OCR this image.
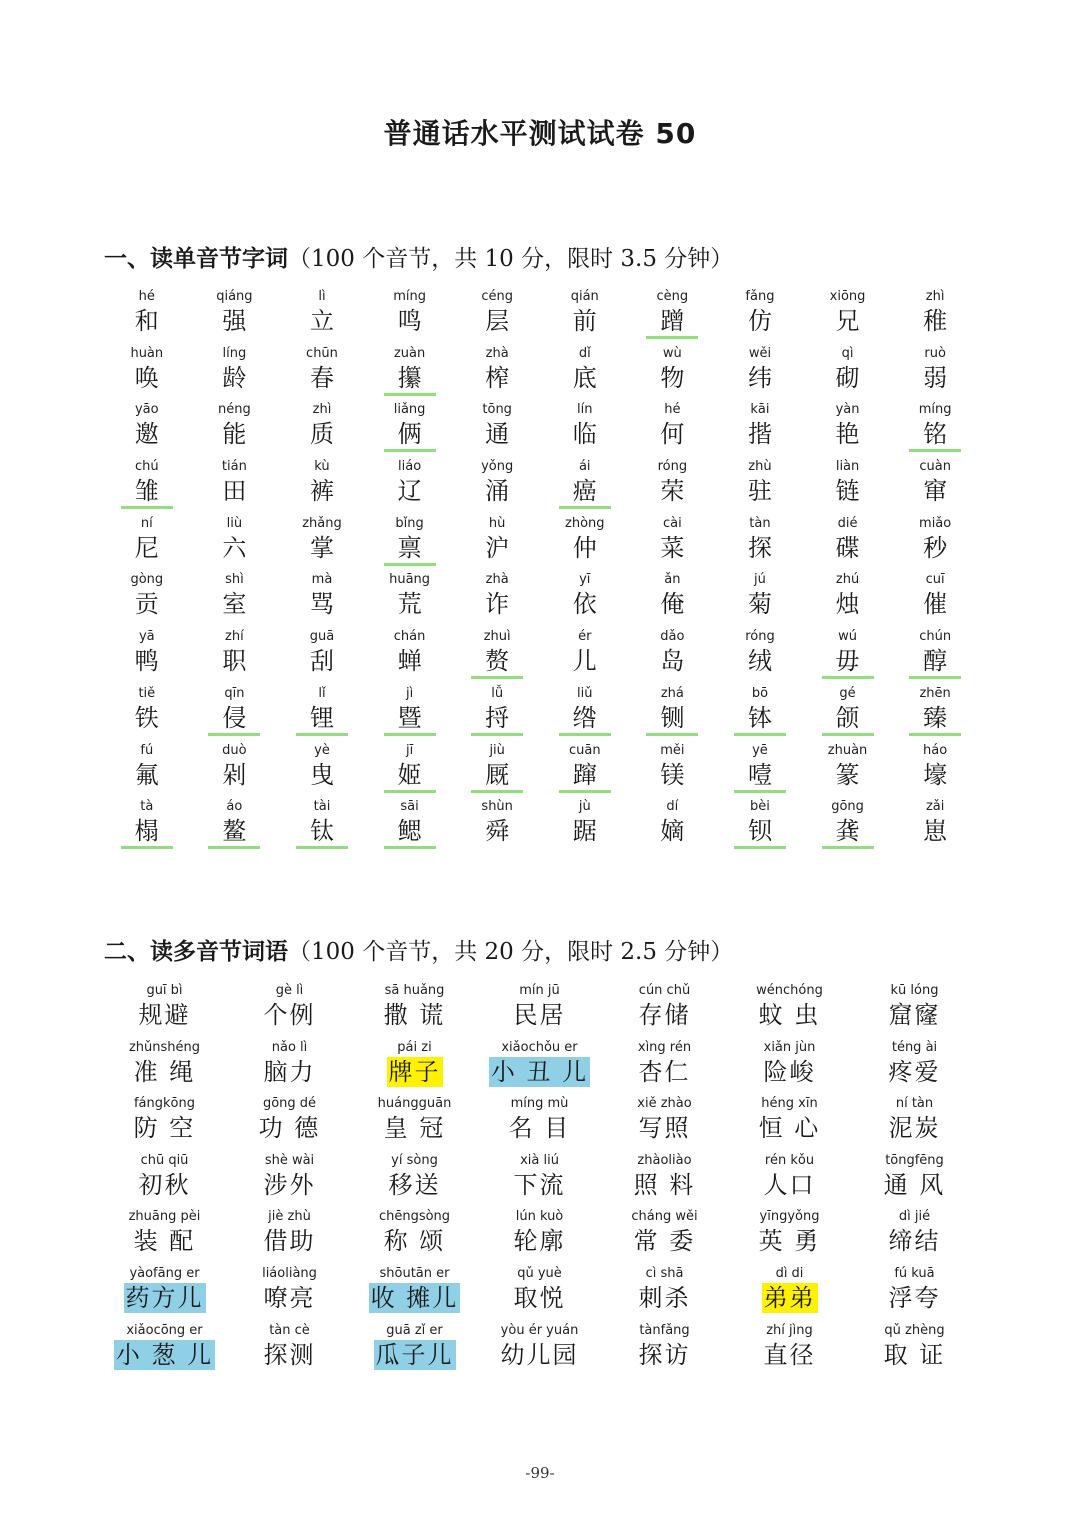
普通话水平测试试卷 50
一、读单音节字词（100 个音节，共 10 分，限时 3.5 分钟）
hé
和
qiáng
强
lì
立
míng
鸣
céng
层
qián
前
cèng
蹭
fǎng
仿
xiōng
兄
zhì
稚
huàn
唤
líng
龄
chūn
春
zuàn
攥
zhà
榨
dǐ
底
wù
物
wěi
纬
qì
砌
ruò
弱
yāo
邀
néng
能
zhì
质
liǎng
俩
tōng
通
lín
临
hé
何
kāi
揩
yàn
艳
míng
铭
chú
雏
tián
田
kù
裤
liáo
辽
yǒng
涌
ái
癌
róng
荣
zhù
驻
liàn
链
cuàn
窜
ní
尼
liù
六
zhǎng
掌
bǐng
禀
hù
沪
zhòng
仲
cài
菜
tàn
探
dié
碟
miǎo
秒
gòng
贡
shì
室
mà
骂
huāng
荒
zhà
诈
yī
依
ǎn
俺
jú
菊
zhú
烛
cuī
催
yā
鸭
zhí
职
guā
刮
chán
蝉
zhuì
赘
ér
儿
dǎo
岛
róng
绒
wú
毋
chún
醇
tiě
铁
qīn
侵
lǐ
锂
jì
暨
lǚ
捋
liǔ
绺
zhá
铡
bō
钵
gé
颌
zhēn
臻
fú
氟
duò
剁
yè
曳
jī
姬
jiù
厩
cuān
蹿
měi
镁
yē
噎
zhuàn
篆
háo
壕
tà
榻
áo
鳌
tài
钛
sāi
鳃
shùn
舜
jù
踞
dí
嫡
bèi
钡
gōng
龚
zǎi
崽
二、读多音节词语（100 个音节，共 20 分，限时 2.5 分钟）
guī bì
规避
gè lì
个例
sā huǎng
撒 谎
mín jū
民居
cún chǔ
存储
wénchóng
蚊 虫
kū lóng
窟窿
zhǔnshéng
准 绳
nǎo lì
脑力
pái zi
牌子
xiǎochǒu er
小 丑 儿
xìng rén
杏仁
xiǎn jùn
险峻
téng ài
疼爱
fángkōng
防 空
gōng dé
功 德
huángguān
皇 冠
míng mù
名 目
xiě zhào
写照
héng xīn
恒 心
ní tàn
泥炭
chū qiū
初秋
shè wài
涉外
yí sòng
移送
xià liú
下流
zhàoliào
照 料
rén kǒu
人口
tōngfēng
通 风
zhuāng pèi
装 配
jiè zhù
借助
chēngsòng
称 颂
lún kuò
轮廓
cháng wěi
常 委
yīngyǒng
英 勇
dì jié
缔结
yàofāng er
药方儿
liáoliàng
嘹亮
shōutān er
收 摊儿
qǔ yuè
取悦
cì shā
刺杀
dì di
弟弟
fú kuā
浮夸
xiǎocōng er
小 葱 儿
tàn cè
探测
guā zǐ er
瓜子儿
yòu ér yuán
幼儿园
tànfǎng
探访
zhí jìng
直径
qǔ zhèng
取 证
-99-
